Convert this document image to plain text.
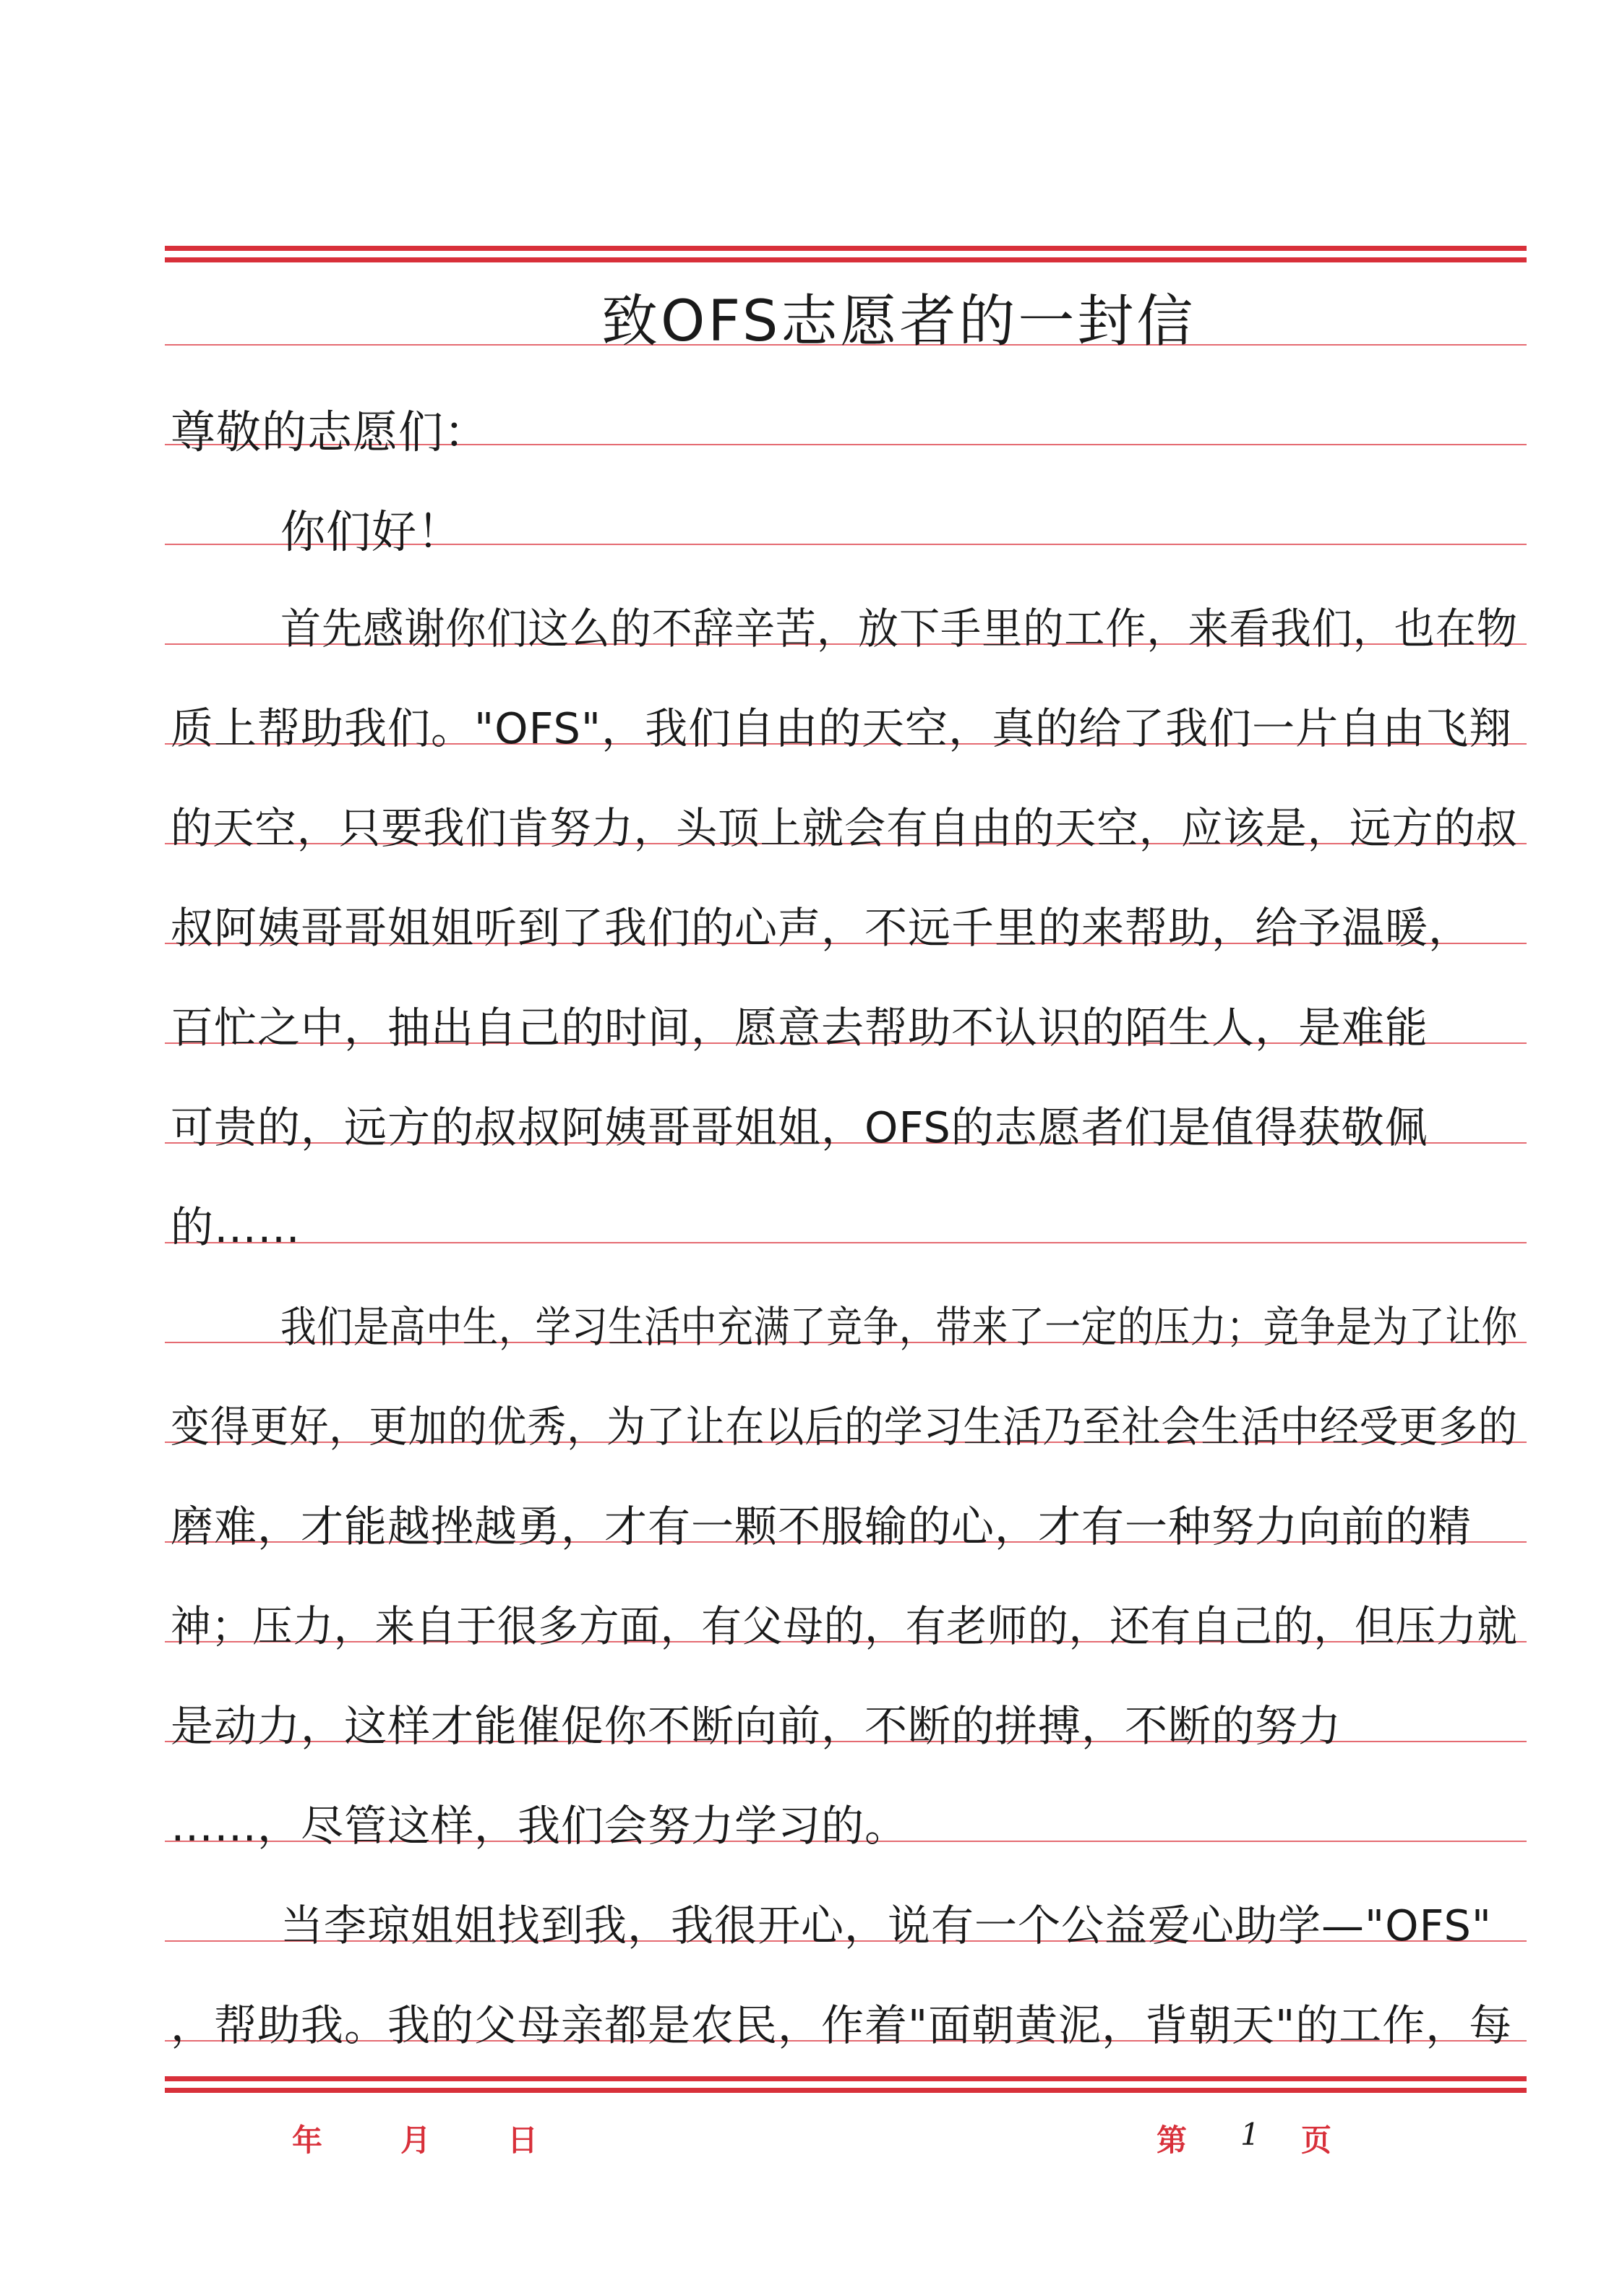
致OFS志愿者的一封信
尊敬的志愿们：
你们好！
首先感谢你们这么的不辞辛苦，放下手里的工作，来看我们，也在物
质上帮助我们。"OFS"，我们自由的天空，真的给了我们一片自由飞翔
的天空，只要我们肯努力，头顶上就会有自由的天空，应该是，远方的叔
叔阿姨哥哥姐姐听到了我们的心声，不远千里的来帮助，给予温暖，
百忙之中，抽出自己的时间，愿意去帮助不认识的陌生人，是难能
可贵的，远方的叔叔阿姨哥哥姐姐，OFS的志愿者们是值得获敬佩
的……
我们是高中生，学习生活中充满了竞争，带来了一定的压力；竞争是为了让你
变得更好，更加的优秀，为了让在以后的学习生活乃至社会生活中经受更多的
磨难，才能越挫越勇，才有一颗不服输的心，才有一种努力向前的精
神；压力，来自于很多方面，有父母的，有老师的，还有自己的，但压力就
是动力，这样才能催促你不断向前，不断的拼搏，不断的努力
……，尽管这样，我们会努力学习的。
当李琼姐姐找到我，我很开心，说有一个公益爱心助学—"OFS"
，帮助我。我的父母亲都是农民，作着"面朝黄泥，背朝天"的工作，每
年	月	日	第 1 页
